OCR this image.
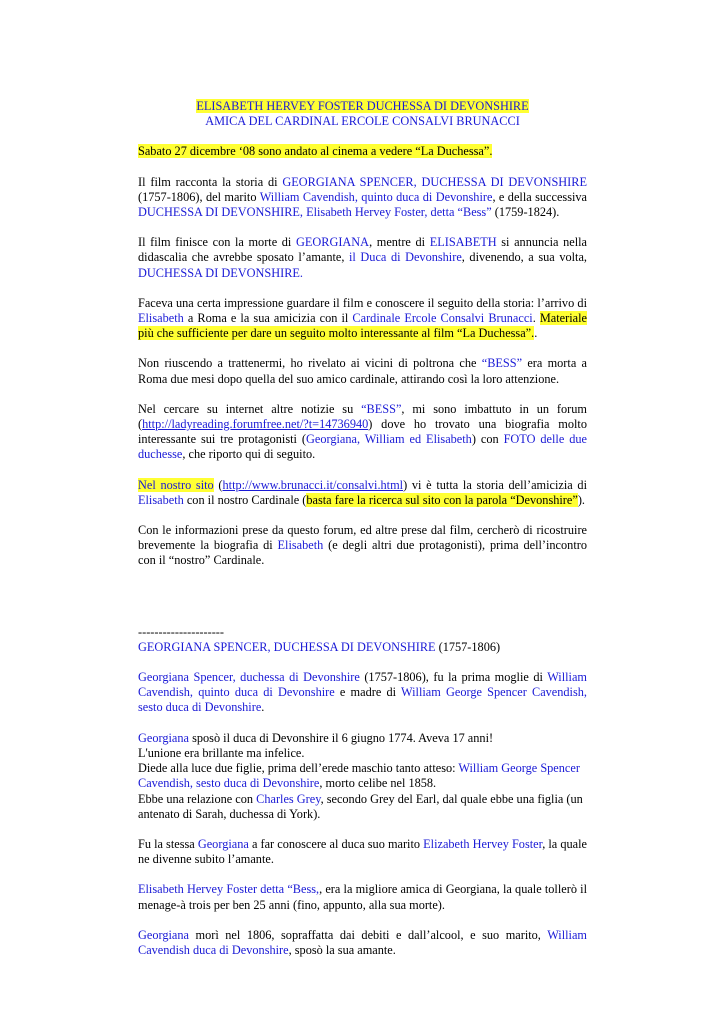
ELISABETH HERVEY FOSTER DUCHESSA DI DEVONSHIRE

AMICA DEL CARDINAL ERCOLE CONSALVI BRUNACCI

Sabato 27 dicembre ‘08 sono andato al cinema a vedere “La Duchessa”.

Il film racconta la storia di GEORGIANA SPENCER, DUCHESSA DI DEVONSHIRE (1757-1806), del marito William Cavendish, quinto duca di Devonshire, e della successiva DUCHESSA DI DEVONSHIRE, Elisabeth Hervey Foster, detta “Bess” (1759-1824).

Il film finisce con la morte di GEORGIANA, mentre di ELISABETH si annuncia nella didascalia che avrebbe sposato l’amante, il Duca di Devonshire, divenendo, a sua volta, DUCHESSA DI DEVONSHIRE.

Faceva una certa impressione guardare il film e conoscere il seguito della storia: l’arrivo di Elisabeth a Roma e la sua amicizia con il Cardinale Ercole Consalvi Brunacci. Materiale più che sufficiente per dare un seguito molto interessante al film “La Duchessa”..

Non riuscendo a trattenermi, ho rivelato ai vicini di poltrona che “BESS” era morta a Roma due mesi dopo quella del suo amico cardinale, attirando così la loro attenzione.

Nel cercare su internet altre notizie su “BESS”, mi sono imbattuto in un forum (http://ladyreading.forumfree.net/?t=14736940) dove ho trovato una biografia molto interessante sui tre protagonisti (Georgiana, William ed Elisabeth) con FOTO delle due duchesse, che riporto qui di seguito.

Nel nostro sito (http://www.brunacci.it/consalvi.html) vi è tutta la storia dell’amicizia di Elisabeth con il nostro Cardinale (basta fare la ricerca sul sito con la parola “Devonshire”).

Con le informazioni prese da questo forum, ed altre prese dal film, cercherò di ricostruire brevemente la biografia di Elisabeth (e degli altri due protagonisti), prima dell’incontro con il “nostro” Cardinale.

---------------------

GEORGIANA SPENCER, DUCHESSA DI DEVONSHIRE (1757-1806)

Georgiana Spencer, duchessa di Devonshire (1757-1806), fu la prima moglie di William Cavendish, quinto duca di Devonshire e madre di William George Spencer Cavendish, sesto duca di Devonshire.

Georgiana sposò il duca di Devonshire il 6 giugno 1774. Aveva 17 anni!
L'unione era brillante ma infelice.
Diede alla luce due figlie, prima dell’erede maschio tanto atteso: William George Spencer Cavendish, sesto duca di Devonshire, morto celibe nel 1858.
Ebbe una relazione con Charles Grey, secondo Grey del Earl, dal quale ebbe una figlia (un antenato di Sarah, duchessa di York).

Fu la stessa Georgiana a far conoscere al duca suo marito Elizabeth Hervey Foster, la quale ne divenne subito l’amante.

Elisabeth Hervey Foster detta “Bess,, era la migliore amica di Georgiana, la quale tollerò il menage-à trois per ben 25 anni (fino, appunto, alla sua morte).

Georgiana morì nel 1806, sopraffatta dai debiti e dall’alcool, e suo marito, William Cavendish duca di Devonshire, sposò la sua amante.
